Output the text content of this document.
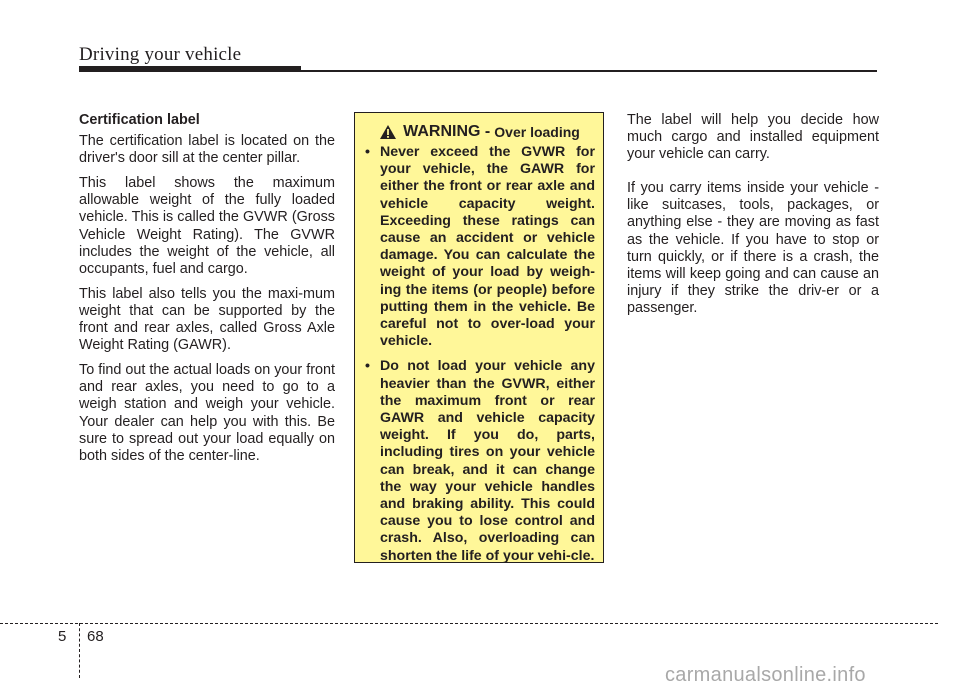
Driving your vehicle
Certification label

The certification label is located on the driver's door sill at the center pillar.

This label shows the maximum allowable weight of the fully loaded vehicle. This is called the GVWR (Gross Vehicle Weight Rating). The GVWR includes the weight of the vehicle, all occupants, fuel and cargo.

This label also tells you the maxi-mum weight that can be supported by the front and rear axles, called Gross Axle Weight Rating (GAWR).

To find out the actual loads on your front and rear axles, you need to go to a weigh station and weigh your vehicle. Your dealer can help you with this. Be sure to spread out your load equally on both sides of the center-line.

WARNING - Over loading
• Never exceed the GVWR for your vehicle, the GAWR for either the front or rear axle and vehicle capacity weight. Exceeding these ratings can cause an accident or vehicle damage. You can calculate the weight of your load by weigh-ing the items (or people) before putting them in the vehicle. Be careful not to over-load your vehicle.
• Do not load your vehicle any heavier than the GVWR, either the maximum front or rear GAWR and vehicle capacity weight. If you do, parts, including tires on your vehicle can break, and it can change the way your vehicle handles and braking ability. This could cause you to lose control and crash. Also, overloading can shorten the life of your vehi-cle.

The label will help you decide how much cargo and installed equipment your vehicle can carry.

If you carry items inside your vehicle - like suitcases, tools, packages, or anything else - they are moving as fast as the vehicle. If you have to stop or turn quickly, or if there is a crash, the items will keep going and can cause an injury if they strike the driv-er or a passenger.

5 68
carmanualsonline.info
